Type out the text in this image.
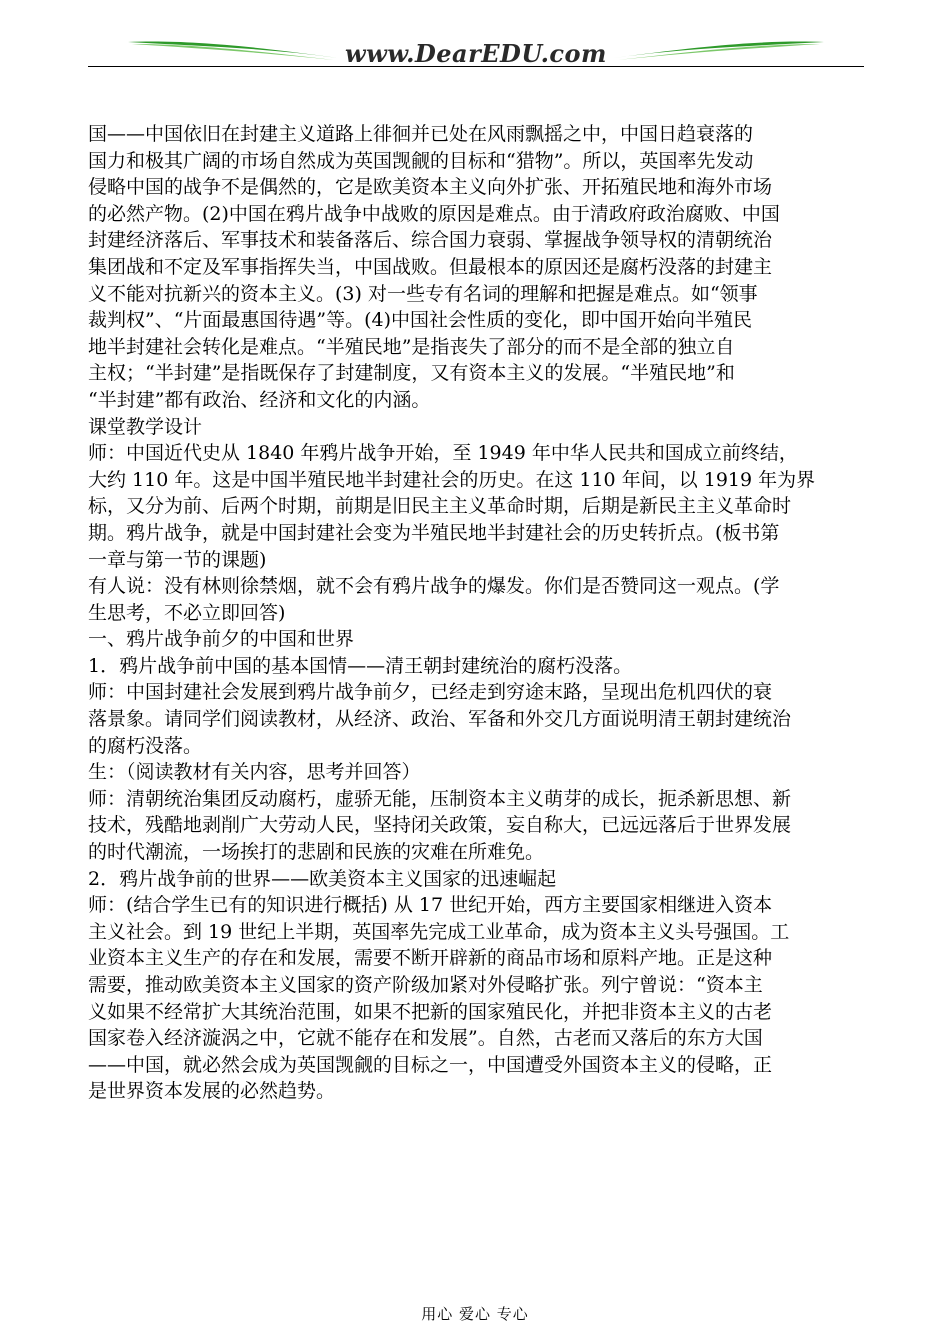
www.DearEDU.com
国——中国依旧在封建主义道路上徘徊并已处在风雨飘摇之中，中国日趋衰落的
国力和极其广阔的市场自然成为英国觊觎的目标和“猎物”。所以，英国率先发动
侵略中国的战争不是偶然的，它是欧美资本主义向外扩张、开拓殖民地和海外市场
的必然产物。(2)中国在鸦片战争中战败的原因是难点。由于清政府政治腐败、中国
封建经济落后、军事技术和装备落后、综合国力衰弱、掌握战争领导权的清朝统治
集团战和不定及军事指挥失当，中国战败。但最根本的原因还是腐朽没落的封建主
义不能对抗新兴的资本主义。(3) 对一些专有名词的理解和把握是难点。如“领事
裁判权”、“片面最惠国待遇”等。(4)中国社会性质的变化，即中国开始向半殖民
地半封建社会转化是难点。“半殖民地”是指丧失了部分的而不是全部的独立自
主权；“半封建”是指既保存了封建制度，又有资本主义的发展。“半殖民地”和
“半封建”都有政治、经济和文化的内涵。
课堂教学设计
师：中国近代史从 1840 年鸦片战争开始，至 1949 年中华人民共和国成立前终结，
大约 110 年。这是中国半殖民地半封建社会的历史。在这 110 年间，以 1919 年为界
标，又分为前、后两个时期，前期是旧民主主义革命时期，后期是新民主主义革命时
期。鸦片战争，就是中国封建社会变为半殖民地半封建社会的历史转折点。(板书第
一章与第一节的课题)
有人说：没有林则徐禁烟，就不会有鸦片战争的爆发。你们是否赞同这一观点。(学
生思考，不必立即回答)
一、鸦片战争前夕的中国和世界
1．鸦片战争前中国的基本国情——清王朝封建统治的腐朽没落。
师：中国封建社会发展到鸦片战争前夕，已经走到穷途末路，呈现出危机四伏的衰
落景象。请同学们阅读教材，从经济、政治、军备和外交几方面说明清王朝封建统治
的腐朽没落。
生：（阅读教材有关内容，思考并回答）
师：清朝统治集团反动腐朽，虚骄无能，压制资本主义萌芽的成长，扼杀新思想、新
技术，残酷地剥削广大劳动人民，坚持闭关政策，妄自称大，已远远落后于世界发展
的时代潮流，一场挨打的悲剧和民族的灾难在所难免。
2．鸦片战争前的世界——欧美资本主义国家的迅速崛起
师：(结合学生已有的知识进行概括) 从 17 世纪开始，西方主要国家相继进入资本
主义社会。到 19 世纪上半期，英国率先完成工业革命，成为资本主义头号强国。工
业资本主义生产的存在和发展，需要不断开辟新的商品市场和原料产地。正是这种
需要，推动欧美资本主义国家的资产阶级加紧对外侵略扩张。列宁曾说：“资本主
义如果不经常扩大其统治范围，如果不把新的国家殖民化，并把非资本主义的古老
国家卷入经济漩涡之中，它就不能存在和发展”。自然，古老而又落后的东方大国
——中国，就必然会成为英国觊觎的目标之一，中国遭受外国资本主义的侵略，正
是世界资本发展的必然趋势。
用心 爱心 专心
